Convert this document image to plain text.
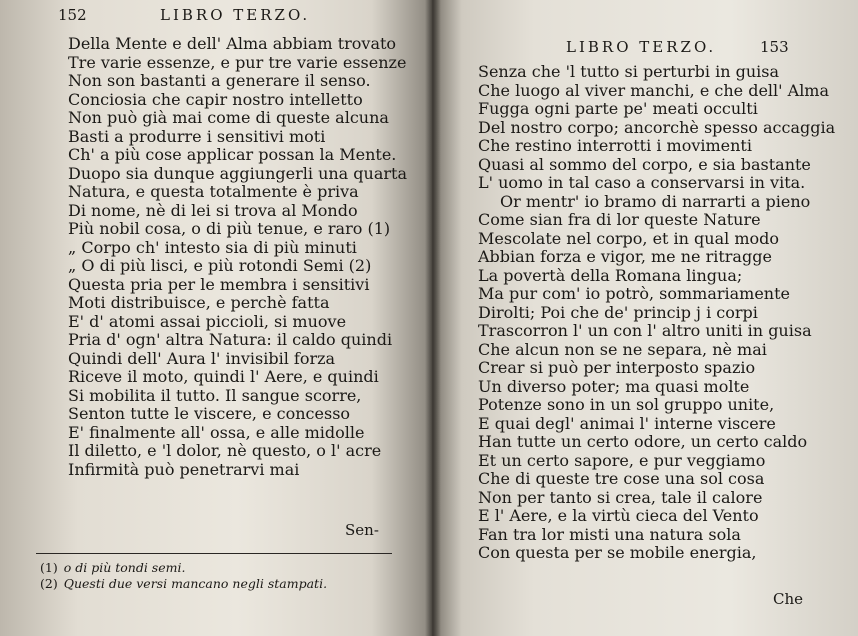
152	LIBRO TERZO.
Della Mente e dell' Alma abbiam trovato
Tre varie essenze, e pur tre varie essenze
Non son bastanti a generare il senso.
Conciosia che capir nostro intelletto
Non può già mai come di queste alcuna
Basti a produrre i sensitivi moti
Ch' a più cose applicar possan la Mente.
Duopo sia dunque aggiungerli una quarta
Natura, e questa totalmente è priva
Di nome, nè di lei si trova al Mondo
Più nobil cosa, o di più tenue, e raro (1)
„ Corpo ch' intesto sia di più minuti
„ O di più lisci, e più rotondi Semi (2)
Questa pria per le membra i sensitivi
Moti distribuisce, e perchè fatta
E' d' atomi assai piccioli, si muove
Pria d' ogn' altra Natura: il caldo quindi
Quindi dell' Aura l' invisibil forza
Riceve il moto, quindi l' Aere, e quindi
Si mobilita il tutto. Il sangue scorre,
Senton tutte le viscere, e concesso
E' finalmente all' ossa, e alle midolle
Il diletto, e 'l dolor, nè questo, o l' acre
Infirmità può penetrarvi mai
Sen-
(1) o di più tondi semi.
(2) Questi due versi mancano negli stampati.
LIBRO TERZO.	153
Senza che 'l tutto si perturbi in guisa
Che luogo al viver manchi, e che dell' Alma
Fugga ogni parte pe' meati occulti
Del nostro corpo; ancorchè spesso accaggia
Che restino interrotti i movimenti
Quasi al sommo del corpo, e sia bastante
L' uomo in tal caso a conservarsi in vita.
Or mentr' io bramo di narrarti a pieno
Come sian fra di lor queste Nature
Mescolate nel corpo, et in qual modo
Abbian forza e vigor, me ne ritragge
La povertà della Romana lingua;
Ma pur com' io potrò, sommariamente
Dirolti; Poi che de' princip j i corpi
Trascorron l' un con l' altro uniti in guisa
Che alcun non se ne separa, nè mai
Crear si può per interposto spazio
Un diverso poter; ma quasi molte
Potenze sono in un sol gruppo unite,
E quai degl' animai l' interne viscere
Han tutte un certo odore, un certo caldo
Et un certo sapore, e pur veggiamo
Che di queste tre cose una sol cosa
Non per tanto si crea, tale il calore
E l' Aere, e la virtù cieca del Vento
Fan tra lor misti una natura sola
Con questa per se mobile energia,
Che
